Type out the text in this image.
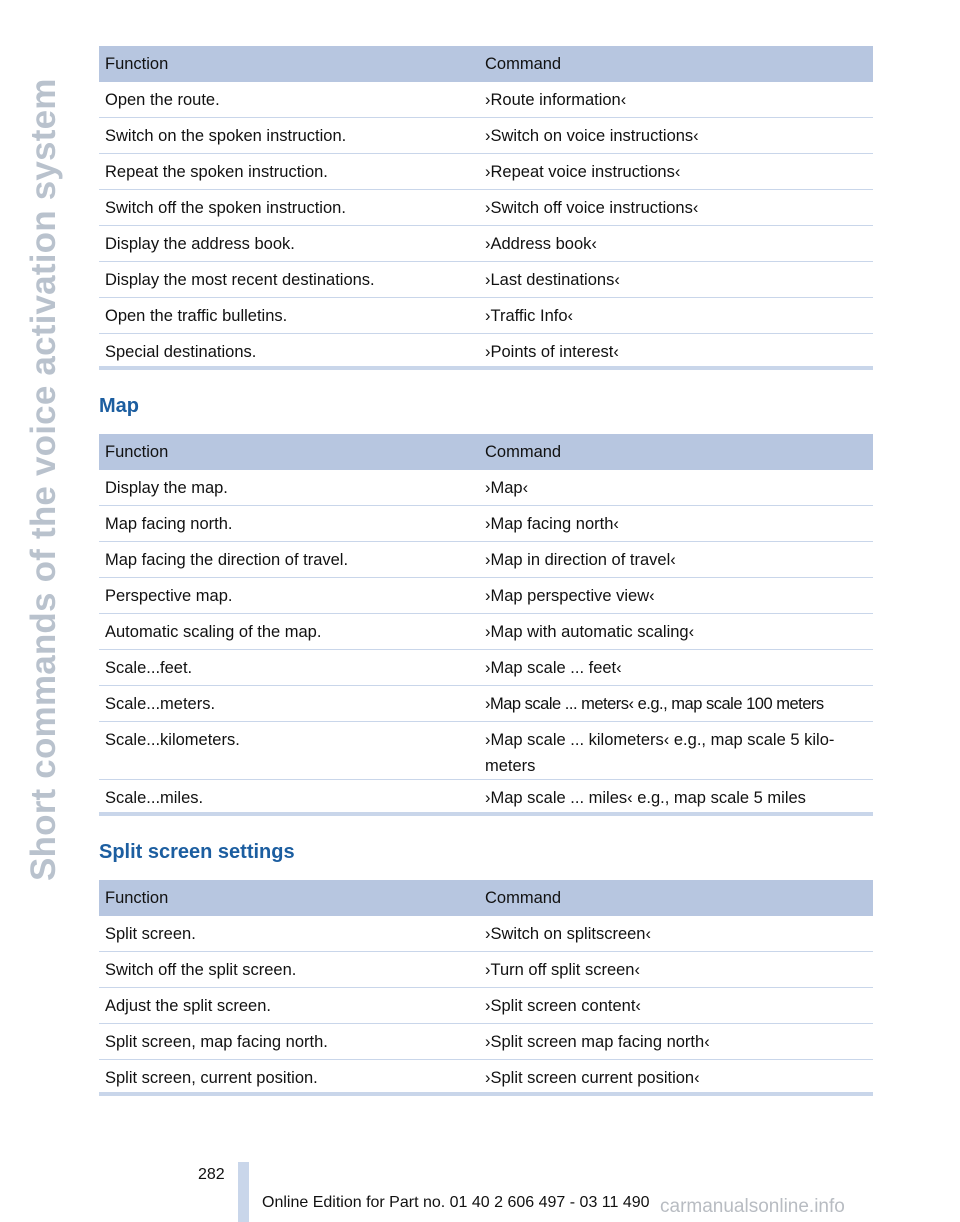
Short commands of the voice activation system
Function	Command
Open the route.	›Route information‹
Switch on the spoken instruction.	›Switch on voice instructions‹
Repeat the spoken instruction.	›Repeat voice instructions‹
Switch off the spoken instruction.	›Switch off voice instructions‹
Display the address book.	›Address book‹
Display the most recent destinations.	›Last destinations‹
Open the traffic bulletins.	›Traffic Info‹
Special destinations.	›Points of interest‹
Map
Function	Command
Display the map.	›Map‹
Map facing north.	›Map facing north‹
Map facing the direction of travel.	›Map in direction of travel‹
Perspective map.	›Map perspective view‹
Automatic scaling of the map.	›Map with automatic scaling‹
Scale...feet.	›Map scale ... feet‹
Scale...meters.	›Map scale ... meters‹ e.g., map scale 100 meters
Scale...kilometers.	›Map scale ... kilometers‹ e.g., map scale 5 kilo-meters
Scale...miles.	›Map scale ... miles‹ e.g., map scale 5 miles
Split screen settings
Function	Command
Split screen.	›Switch on splitscreen‹
Switch off the split screen.	›Turn off split screen‹
Adjust the split screen.	›Split screen content‹
Split screen, map facing north.	›Split screen map facing north‹
Split screen, current position.	›Split screen current position‹
282
Online Edition for Part no. 01 40 2 606 497 - 03 11 490 carmanualsonline.info
